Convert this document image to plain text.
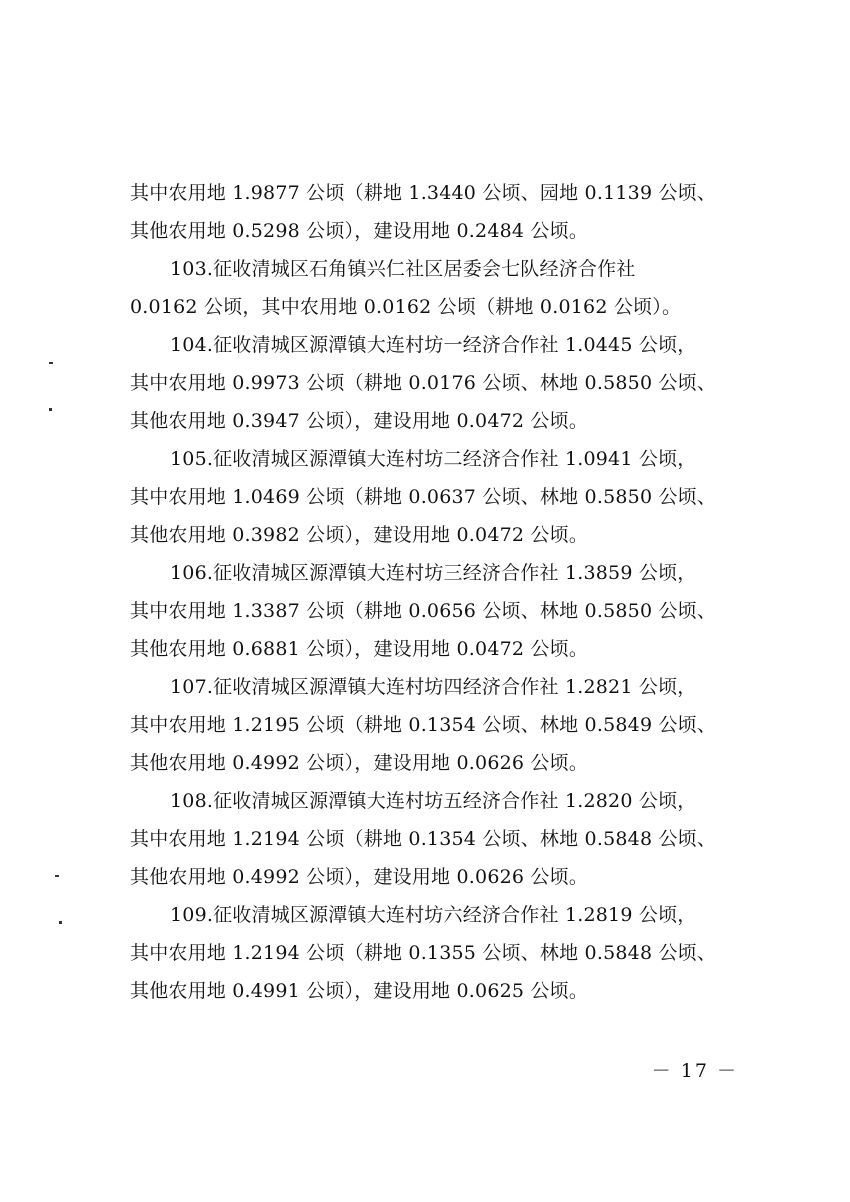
其中农用地 1.9877 公顷（耕地 1.3440 公顷、园地 0.1139 公顷、
其他农用地 0.5298 公顷），建设用地 0.2484 公顷。

103.征收清城区石角镇兴仁社区居委会七队经济合作社
0.0162 公顷，其中农用地 0.0162 公顷（耕地 0.0162 公顷）。

104.征收清城区源潭镇大连村坊一经济合作社 1.0445 公顷，
其中农用地 0.9973 公顷（耕地 0.0176 公顷、林地 0.5850 公顷、
其他农用地 0.3947 公顷），建设用地 0.0472 公顷。

105.征收清城区源潭镇大连村坊二经济合作社 1.0941 公顷，
其中农用地 1.0469 公顷（耕地 0.0637 公顷、林地 0.5850 公顷、
其他农用地 0.3982 公顷），建设用地 0.0472 公顷。

106.征收清城区源潭镇大连村坊三经济合作社 1.3859 公顷，
其中农用地 1.3387 公顷（耕地 0.0656 公顷、林地 0.5850 公顷、
其他农用地 0.6881 公顷），建设用地 0.0472 公顷。

107.征收清城区源潭镇大连村坊四经济合作社 1.2821 公顷，
其中农用地 1.2195 公顷（耕地 0.1354 公顷、林地 0.5849 公顷、
其他农用地 0.4992 公顷），建设用地 0.0626 公顷。

108.征收清城区源潭镇大连村坊五经济合作社 1.2820 公顷，
其中农用地 1.2194 公顷（耕地 0.1354 公顷、林地 0.5848 公顷、
其他农用地 0.4992 公顷），建设用地 0.0626 公顷。

109.征收清城区源潭镇大连村坊六经济合作社 1.2819 公顷，
其中农用地 1.2194 公顷（耕地 0.1355 公顷、林地 0.5848 公顷、
其他农用地 0.4991 公顷），建设用地 0.0625 公顷。

－ 17 －
